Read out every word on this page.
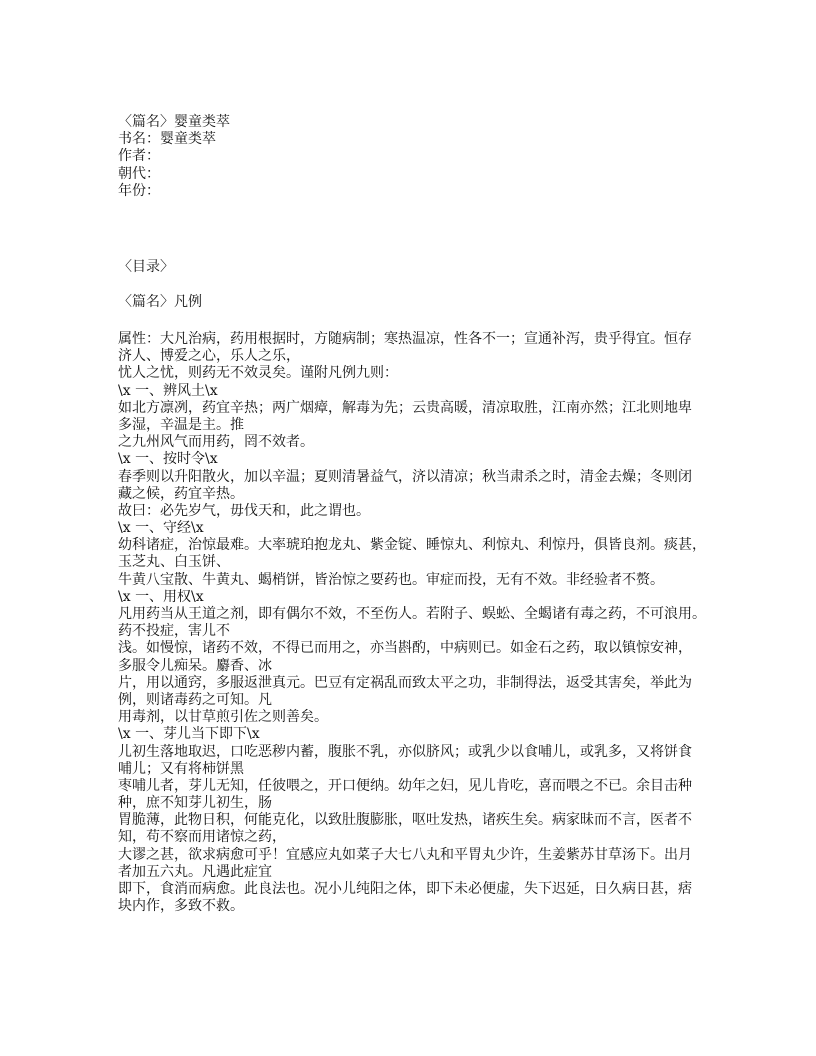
〈篇名〉婴童类萃
书名：婴童类萃
作者：
朝代：
年份：
〈目录〉
〈篇名〉凡例
属性：大凡治病，药用根据时，方随病制；寒热温凉，性各不一；宣通补泻，贵乎得宜。恒存
济人、博爱之心，乐人之乐，
忧人之忧，则药无不效灵矣。谨附凡例九则：
\x 一、辨风土\x
如北方凛冽，药宜辛热；两广烟瘴，解毒为先；云贵高暖，清凉取胜，江南亦然；江北则地卑
多湿，辛温是主。推
之九州风气而用药，罔不效者。
\x 一、按时令\x
春季则以升阳散火，加以辛温；夏则清暑益气，济以清凉；秋当肃杀之时，清金去燥；冬则闭
藏之候，药宜辛热。
故曰：必先岁气，毋伐天和，此之谓也。
\x 一、守经\x
幼科诸症，治惊最难。大率琥珀抱龙丸、紫金锭、睡惊丸、利惊丸、利惊丹，俱皆良剂。痰甚，
玉芝丸、白玉饼、
牛黄八宝散、牛黄丸、蝎梢饼，皆治惊之要药也。审症而投，无有不效。非经验者不赘。
\x 一、用权\x
凡用药当从王道之剂，即有偶尔不效，不至伤人。若附子、蜈蚣、全蝎诸有毒之药，不可浪用。
药不投症，害儿不
浅。如慢惊，诸药不效，不得已而用之，亦当斟酌，中病则已。如金石之药，取以镇惊安神，
多服令儿痴呆。麝香、冰
片，用以通窍，多服返泄真元。巴豆有定祸乱而致太平之功，非制得法，返受其害矣，举此为
例，则诸毒药之可知。凡
用毒剂，以甘草煎引佐之则善矣。
\x 一、芽儿当下即下\x
儿初生落地取迟，口吃恶秽内蓄，腹胀不乳，亦似脐风；或乳少以食哺儿，或乳多，又将饼食
哺儿；又有将柿饼黑
枣哺儿者，芽儿无知，任彼喂之，开口便纳。幼年之妇，见儿肯吃，喜而喂之不已。余目击种
种，庶不知芽儿初生，肠
胃脆薄，此物日积，何能克化，以致肚腹膨胀，呕吐发热，诸疾生矣。病家昧而不言，医者不
知，苟不察而用诸惊之药，
大谬之甚，欲求病愈可乎！宜感应丸如菜子大七八丸和平胃丸少许，生姜紫苏甘草汤下。出月
者加五六丸。凡遇此症宜
即下，食消而病愈。此良法也。况小儿纯阳之体，即下未必便虚，失下迟延，日久病日甚，痞
块内作，多致不救。
